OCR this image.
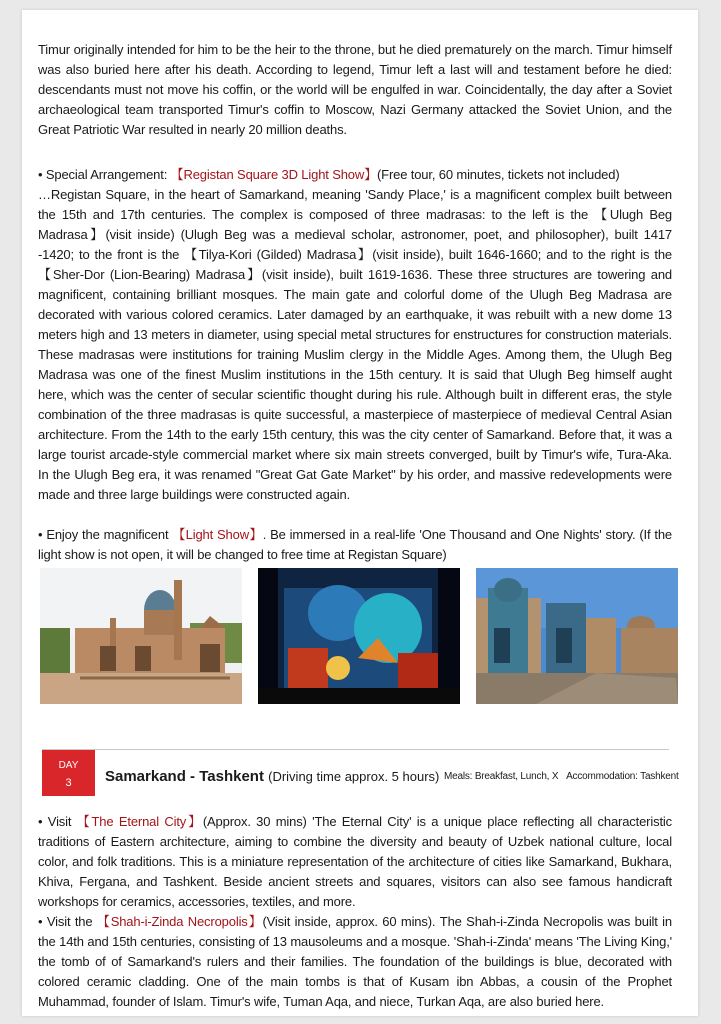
Timur originally intended for him to be the heir to the throne, but he died prematurely on the march. Timur himself was also buried here after his death. According to legend, Timur left a last will and testament before he died: descendants must not move his coffin, or the world will be engulfed in war. Coincidentally, the day after a Soviet archaeological team transported Timur's coffin to Moscow, Nazi Germany attacked the Soviet Union, and the Great Patriotic War resulted in nearly 20 million deaths.
• Special Arrangement: 【Registan Square 3D Light Show】(Free tour, 60 minutes, tickets not included)
…Registan Square, in the heart of Samarkand, meaning 'Sandy Place,' is a magnificent complex built between the 15th and 17th centuries. The complex is composed of three madrasas: to the left is the 【Ulugh Beg Madrasa】(visit inside) (Ulugh Beg was a medieval scholar, astronomer, poet, and philosopher), built 1417 -1420; to the front is the 【Tilya-Kori (Gilded) Madrasa】(visit inside), built 1646-1660; and to the right is the 【Sher-Dor (Lion-Bearing) Madrasa】(visit inside), built 1619-1636. These three structures are towering and magnificent, containing brilliant mosques. The main gate and colorful dome of the Ulugh Beg Madrasa are decorated with various colored ceramics. Later damaged by an earthquake, it was rebuilt with a new dome 13 meters high and 13 meters in diameter, using special metal structures for enstructures for construction materials. These madrasas were institutions for training Muslim clergy in the Middle Ages. Among them, the Ulugh Beg Madrasa was one of the finest Muslim institutions in the 15th century. It is said that Ulugh Beg himself aught here, which was the center of secular scientific thought during his rule. Although built in different eras, the style combination of the three madrasas is quite successful, a masterpiece of masterpiece of medieval Central Asian architecture. From the 14th to the early 15th century, this was the city center of Samarkand. Before that, it was a large tourist arcade-style commercial market where six main streets converged, built by Timur's wife, Tura-Aka. In the Ulugh Beg era, it was renamed "Great Gat Gate Market" by his order, and massive redevelopments were made and three large buildings were constructed again.
• Enjoy the magnificent 【Light Show】. Be immersed in a real-life 'One Thousand and One Nights' story. (If the light show is not open, it will be changed to free time at Registan Square)
DAY
3	Samarkand - Tashkent (Driving time approx. 5 hours) Meals: Breakfast, Lunch, X Accommodation: Tashkent
• Visit 【The Eternal City】(Approx. 30 mins) 'The Eternal City' is a unique place reflecting all characteristic traditions of Eastern architecture, aiming to combine the diversity and beauty of Uzbek national culture, local color, and folk traditions. This is a miniature representation of the architecture of cities like Samarkand, Bukhara, Khiva, Fergana, and Tashkent. Beside ancient streets and squares, visitors can also see famous handicraft workshops for ceramics, accessories, textiles, and more.
• Visit the 【Shah-i-Zinda Necropolis】(Visit inside, approx. 60 mins). The Shah-i-Zinda Necropolis was built in the 14th and 15th centuries, consisting of 13 mausoleums and a mosque. 'Shah-i-Zinda' means 'The Living King,' the tomb of of Samarkand's rulers and their families. The foundation of the buildings is blue, decorated with colored ceramic cladding. One of the main tombs is that of Kusam ibn Abbas, a cousin of the Prophet Muhammad, founder of Islam. Timur's wife, Tuman Aqa, and niece, Turkan Aqa, are also buried here.
